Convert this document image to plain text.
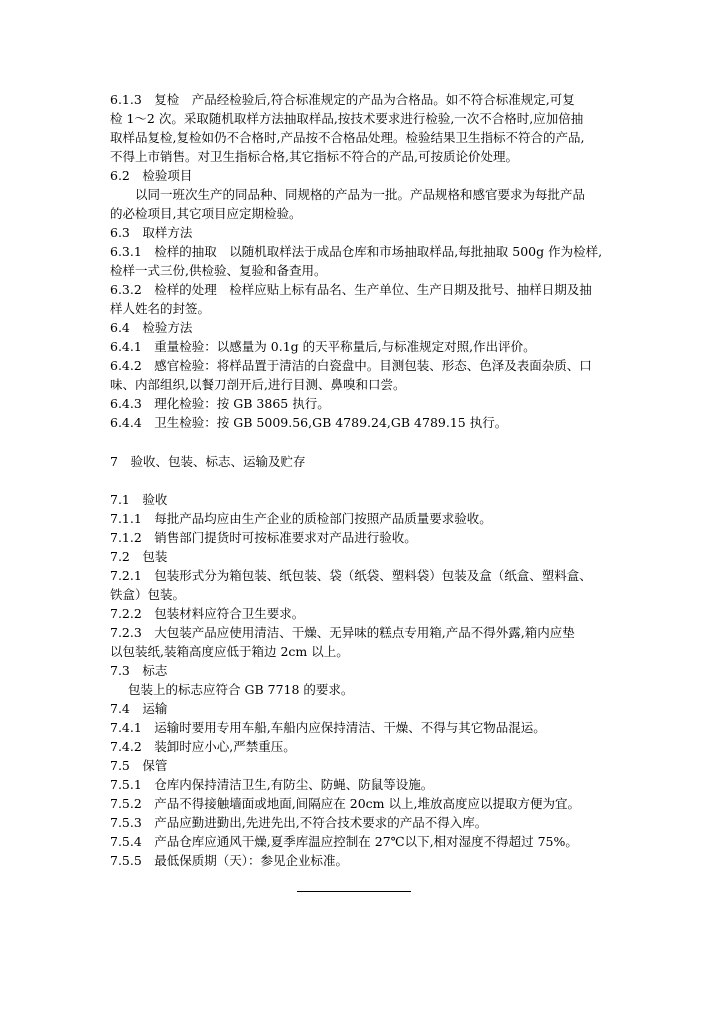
6.1.3　复检　产品经检验后,符合标准规定的产品为合格品。如不符合标准规定,可复
检 1～2 次。采取随机取样方法抽取样品,按技术要求进行检验,一次不合格时,应加倍抽
取样品复检,复检如仍不合格时,产品按不合格品处理。检验结果卫生指标不符合的产品,
不得上市销售。对卫生指标合格,其它指标不符合的产品,可按质论价处理。
6.2　检验项目
以同一班次生产的同品种、同规格的产品为一批。产品规格和感官要求为每批产品
的必检项目,其它项目应定期检验。
6.3　取样方法
6.3.1　检样的抽取　以随机取样法于成品仓库和市场抽取样品,每批抽取 500g 作为检样,
检样一式三份,供检验、复验和备查用。
6.3.2　检样的处理　检样应贴上标有品名、生产单位、生产日期及批号、抽样日期及抽
样人姓名的封签。
6.4　检验方法
6.4.1　重量检验：以感量为 0.1g 的天平称量后,与标准规定对照,作出评价。
6.4.2　感官检验：将样品置于清洁的白瓷盘中。目测包装、形态、色泽及表面杂质、口
味、内部组织,以餐刀剖开后,进行目测、鼻嗅和口尝。
6.4.3　理化检验：按 GB 3865 执行。
6.4.4　卫生检验：按 GB 5009.56,GB 4789.24,GB 4789.15 执行。
7　验收、包装、标志、运输及贮存
7.1　验收
7.1.1　每批产品均应由生产企业的质检部门按照产品质量要求验收。
7.1.2　销售部门提货时可按标准要求对产品进行验收。
7.2　包装
7.2.1　包装形式分为箱包装、纸包装、袋（纸袋、塑料袋）包装及盒（纸盒、塑料盒、
铁盒）包装。
7.2.2　包装材料应符合卫生要求。
7.2.3　大包装产品应使用清洁、干燥、无异味的糕点专用箱,产品不得外露,箱内应垫
以包装纸,装箱高度应低于箱边 2cm 以上。
7.3　标志
包装上的标志应符合 GB 7718 的要求。
7.4　运输
7.4.1　运输时要用专用车船,车船内应保持清洁、干燥、不得与其它物品混运。
7.4.2　装卸时应小心,严禁重压。
7.5　保管
7.5.1　仓库内保持清洁卫生,有防尘、防蝇、防鼠等设施。
7.5.2　产品不得接触墙面或地面,间隔应在 20cm 以上,堆放高度应以提取方便为宜。
7.5.3　产品应勤进勤出,先进先出,不符合技术要求的产品不得入库。
7.5.4　产品仓库应通风干燥,夏季库温应控制在 27℃以下,相对湿度不得超过 75%。
7.5.5　最低保质期（天）：参见企业标准。
